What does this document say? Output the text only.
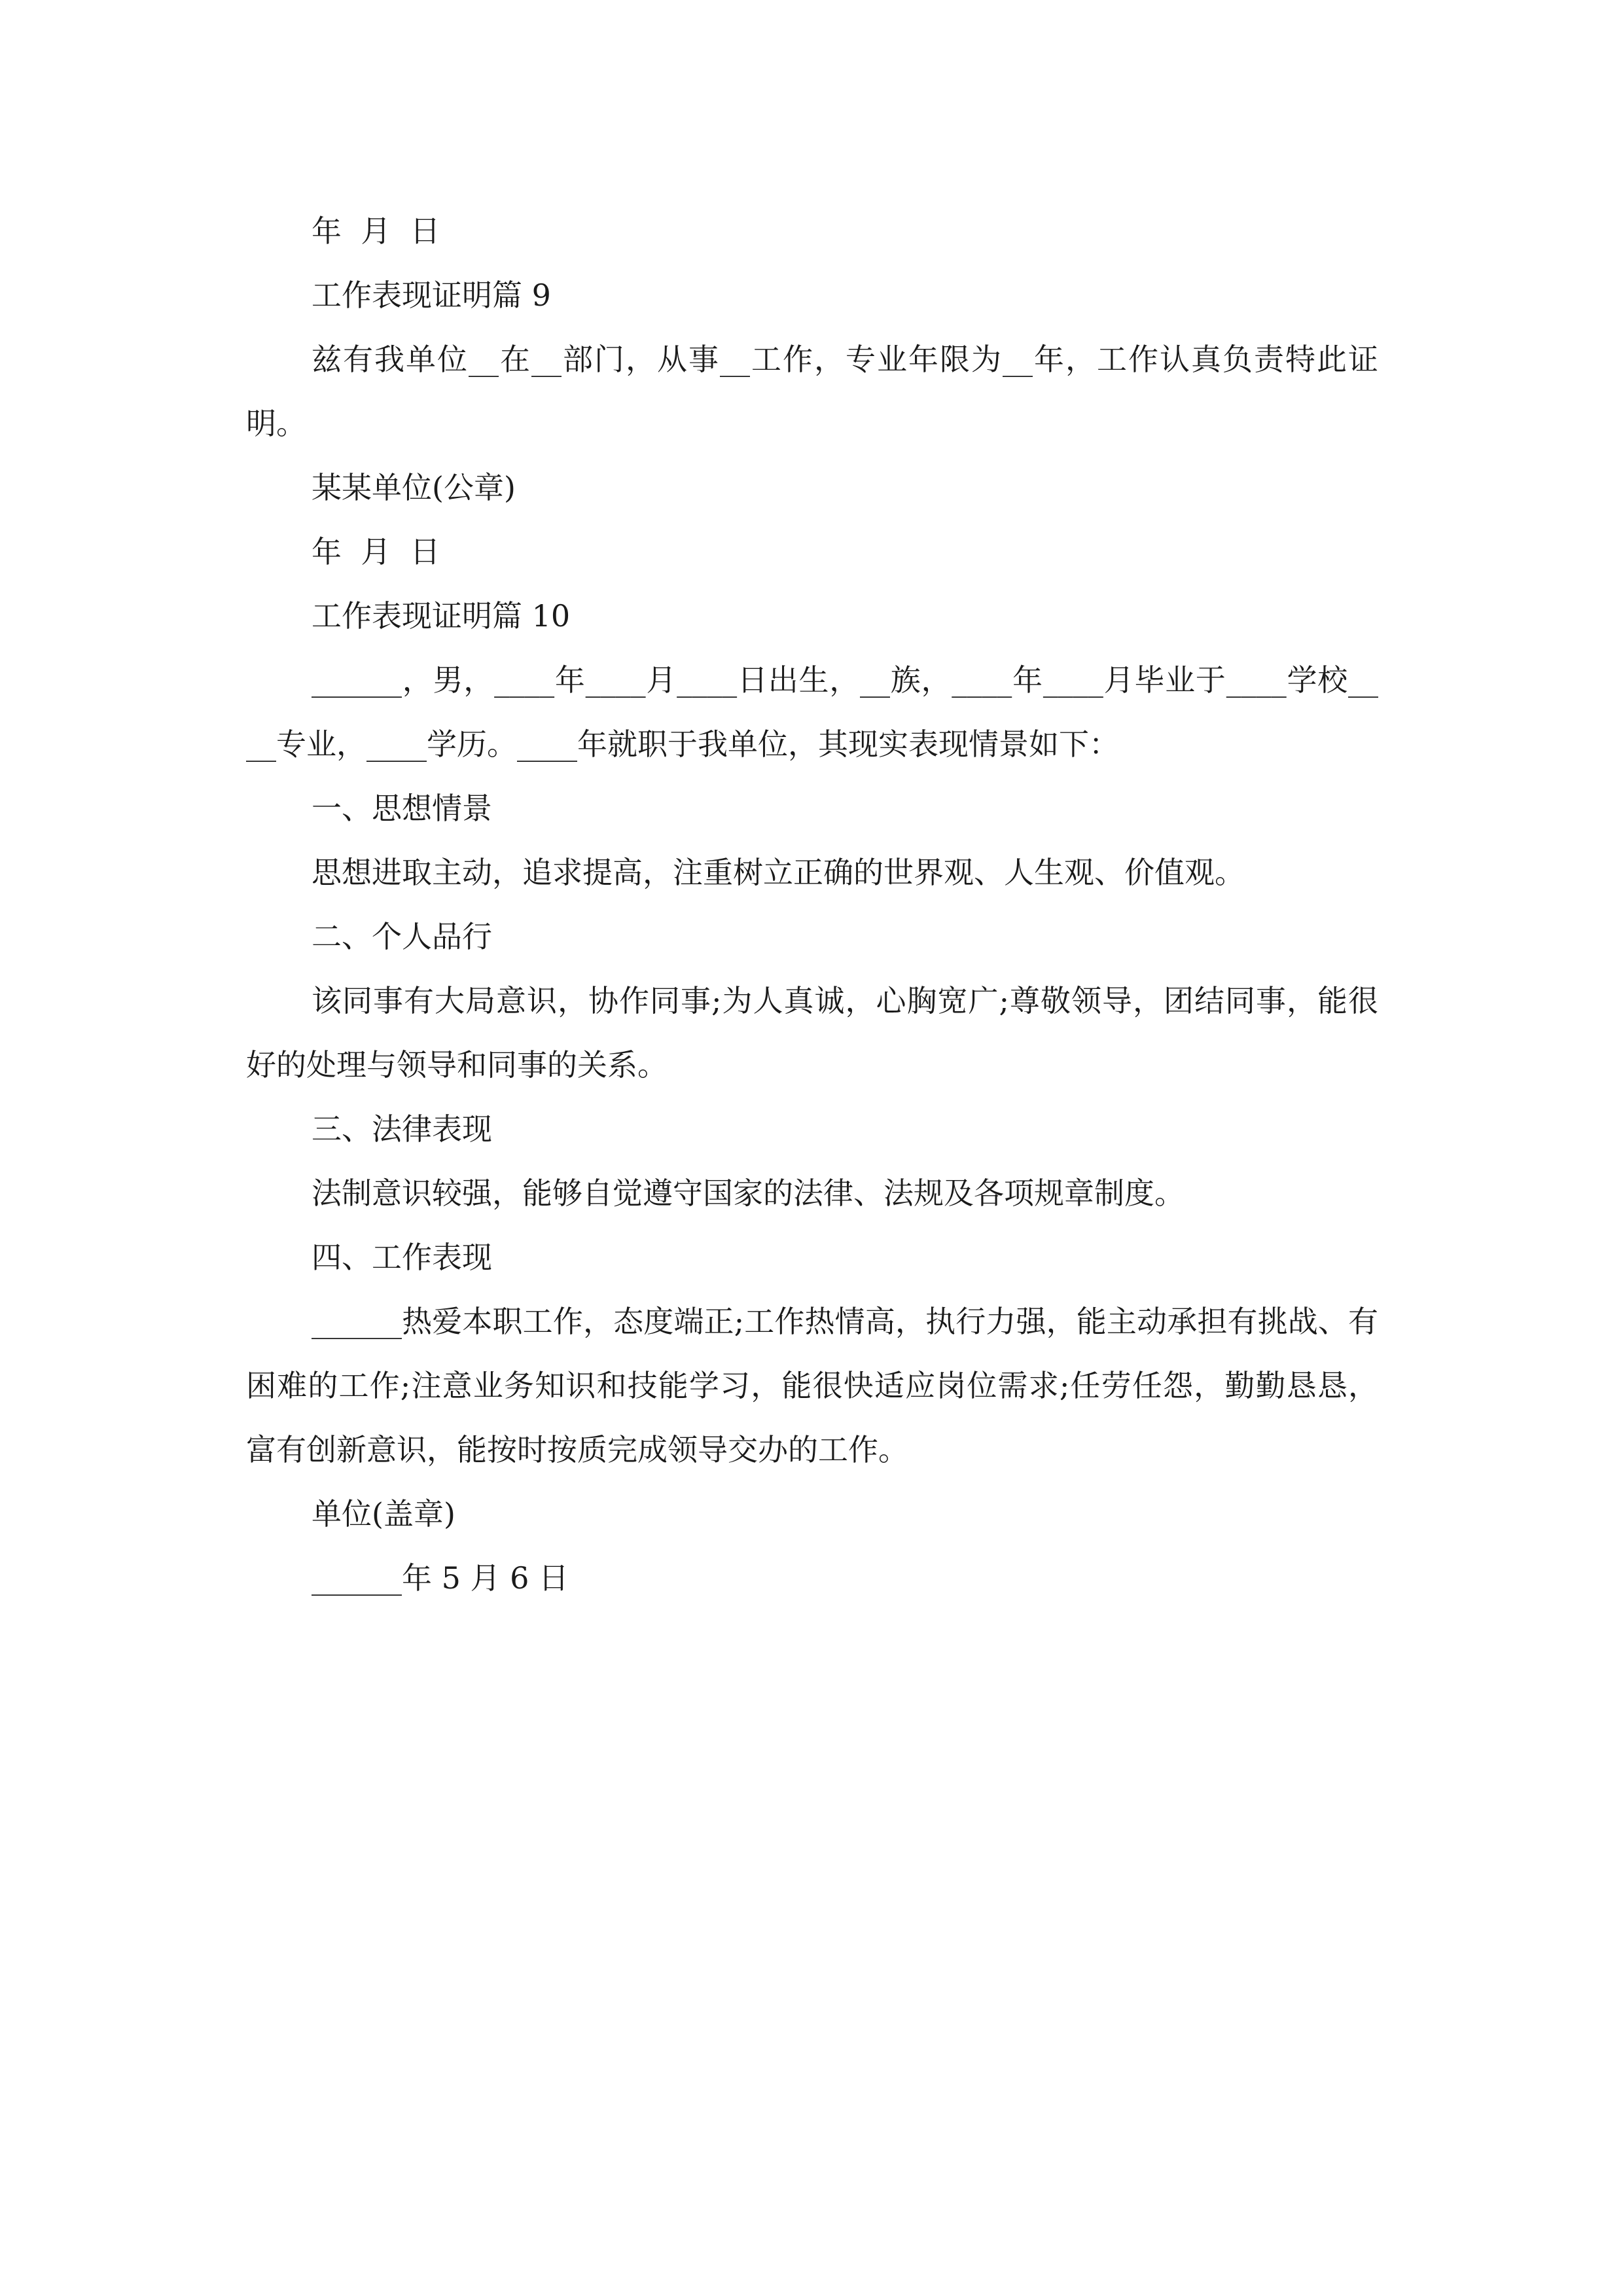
年  月  日

工作表现证明篇 9

兹有我单位__在__部门，从事__工作，专业年限为__年，工作认真负责特此证明。

某某单位(公章)

年  月  日

工作表现证明篇 10

______，男，____年____月____日出生，__族，____年____月毕业于____学校____专业，____学历。____年就职于我单位，其现实表现情景如下：

一、思想情景

思想进取主动，追求提高，注重树立正确的世界观、人生观、价值观。

二、个人品行

该同事有大局意识，协作同事;为人真诚，心胸宽广;尊敬领导，团结同事，能很好的处理与领导和同事的关系。

三、法律表现

法制意识较强，能够自觉遵守国家的法律、法规及各项规章制度。

四、工作表现

______热爱本职工作，态度端正;工作热情高，执行力强，能主动承担有挑战、有困难的工作;注意业务知识和技能学习，能很快适应岗位需求;任劳任怨，勤勤恳恳，富有创新意识，能按时按质完成领导交办的工作。

单位(盖章)

______年 5 月 6 日
